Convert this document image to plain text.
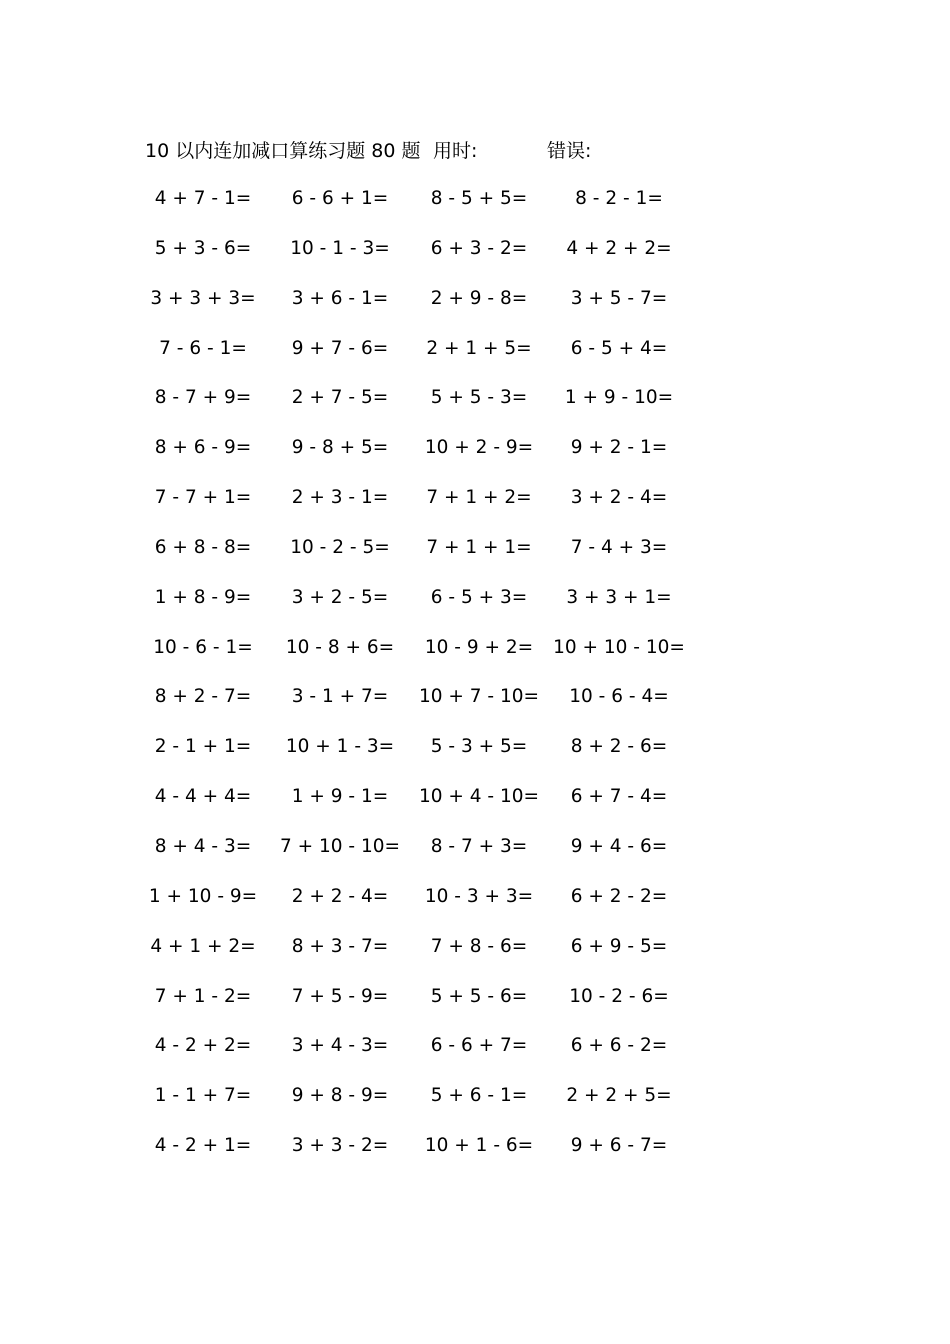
10 以内连加减口算练习题 80 题 用时:	错误:
4 + 7 - 1=	6 - 6 + 1=	8 - 5 + 5=	8 - 2 - 1=
5 + 3 - 6=	10 - 1 - 3=	6 + 3 - 2=	4 + 2 + 2=
3 + 3 + 3=	3 + 6 - 1=	2 + 9 - 8=	3 + 5 - 7=
7 - 6 - 1=	9 + 7 - 6=	2 + 1 + 5=	6 - 5 + 4=
8 - 7 + 9=	2 + 7 - 5=	5 + 5 - 3=	1 + 9 - 10=
8 + 6 - 9=	9 - 8 + 5=	10 + 2 - 9=	9 + 2 - 1=
7 - 7 + 1=	2 + 3 - 1=	7 + 1 + 2=	3 + 2 - 4=
6 + 8 - 8=	10 - 2 - 5=	7 + 1 + 1=	7 - 4 + 3=
1 + 8 - 9=	3 + 2 - 5=	6 - 5 + 3=	3 + 3 + 1=
10 - 6 - 1=	10 - 8 + 6=	10 - 9 + 2=	10 + 10 - 10=
8 + 2 - 7=	3 - 1 + 7=	10 + 7 - 10=	10 - 6 - 4=
2 - 1 + 1=	10 + 1 - 3=	5 - 3 + 5=	8 + 2 - 6=
4 - 4 + 4=	1 + 9 - 1=	10 + 4 - 10=	6 + 7 - 4=
8 + 4 - 3=	7 + 10 - 10=	8 - 7 + 3=	9 + 4 - 6=
1 + 10 - 9=	2 + 2 - 4=	10 - 3 + 3=	6 + 2 - 2=
4 + 1 + 2=	8 + 3 - 7=	7 + 8 - 6=	6 + 9 - 5=
7 + 1 - 2=	7 + 5 - 9=	5 + 5 - 6=	10 - 2 - 6=
4 - 2 + 2=	3 + 4 - 3=	6 - 6 + 7=	6 + 6 - 2=
1 - 1 + 7=	9 + 8 - 9=	5 + 6 - 1=	2 + 2 + 5=
4 - 2 + 1=	3 + 3 - 2=	10 + 1 - 6=	9 + 6 - 7=
